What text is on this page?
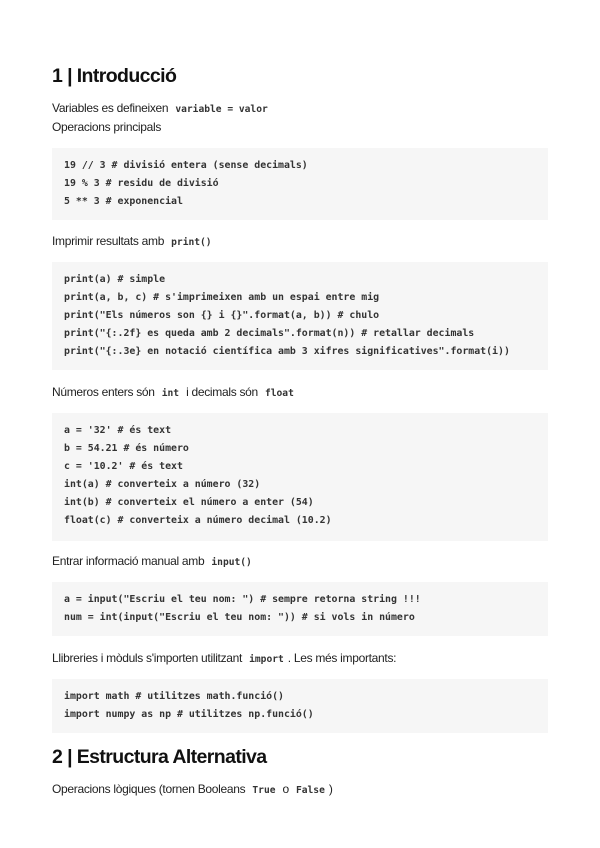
1 | Introducció
Variables es defineixen variable = valor
Operacions principals
19 // 3 # divisió entera (sense decimals)
19 % 3 # residu de divisió
5 ** 3 # exponencial
Imprimir resultats amb print()
print(a) # simple
print(a, b, c) # s'imprimeixen amb un espai entre mig
print("Els números son {} i {}".format(a, b)) # chulo
print("{:.2f} es queda amb 2 decimals".format(n)) # retallar decimals
print("{:.3e} en notació científica amb 3 xifres significatives".format(i))
Números enters són int i decimals són float
a = '32' # és text
b = 54.21 # és número
c = '10.2' # és text
int(a) # converteix a número (32)
int(b) # converteix el número a enter (54)
float(c) # converteix a número decimal (10.2)
Entrar informació manual amb input()
a = input("Escriu el teu nom: ") # sempre retorna string !!!
num = int(input("Escriu el teu nom: ")) # si vols in número
Llibreries i mòduls s'importen utilitzant import . Les més importants:
import math # utilitzes math.funció()
import numpy as np # utilitzes np.funció()
2 | Estructura Alternativa
Operacions lògiques (tornen Booleans True o False )
